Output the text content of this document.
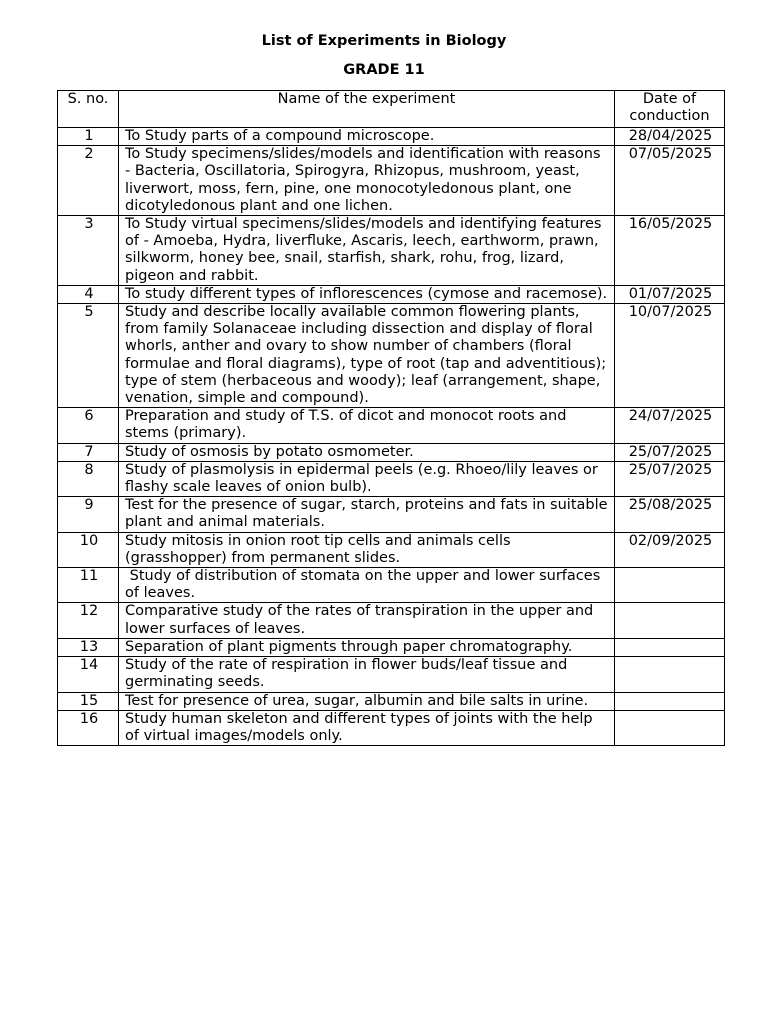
List of Experiments in Biology
GRADE 11
S. no.	Name of the experiment	Date of conduction
1	To Study parts of a compound microscope.	28/04/2025
2	To Study specimens/slides/models and identification with reasons - Bacteria, Oscillatoria, Spirogyra, Rhizopus, mushroom, yeast, liverwort, moss, fern, pine, one monocotyledonous plant, one dicotyledonous plant and one lichen.	07/05/2025
3	To Study virtual specimens/slides/models and identifying features of - Amoeba, Hydra, liverfluke, Ascaris, leech, earthworm, prawn, silkworm, honey bee, snail, starfish, shark, rohu, frog, lizard, pigeon and rabbit.	16/05/2025
4	To study different types of inflorescences (cymose and racemose).	01/07/2025
5	Study and describe locally available common flowering plants, from family Solanaceae including dissection and display of floral whorls, anther and ovary to show number of chambers (floral formulae and floral diagrams), type of root (tap and adventitious); type of stem (herbaceous and woody); leaf (arrangement, shape, venation, simple and compound).	10/07/2025
6	Preparation and study of T.S. of dicot and monocot roots and stems (primary).	24/07/2025
7	Study of osmosis by potato osmometer.	25/07/2025
8	Study of plasmolysis in epidermal peels (e.g. Rhoeo/lily leaves or flashy scale leaves of onion bulb).	25/07/2025
9	Test for the presence of sugar, starch, proteins and fats in suitable plant and animal materials.	25/08/2025
10	Study mitosis in onion root tip cells and animals cells (grasshopper) from permanent slides.	02/09/2025
11	Study of distribution of stomata on the upper and lower surfaces of leaves.	
12	Comparative study of the rates of transpiration in the upper and lower surfaces of leaves.	
13	Separation of plant pigments through paper chromatography.	
14	Study of the rate of respiration in flower buds/leaf tissue and germinating seeds.	
15	Test for presence of urea, sugar, albumin and bile salts in urine.	
16	Study human skeleton and different types of joints with the help of virtual images/models only.	
